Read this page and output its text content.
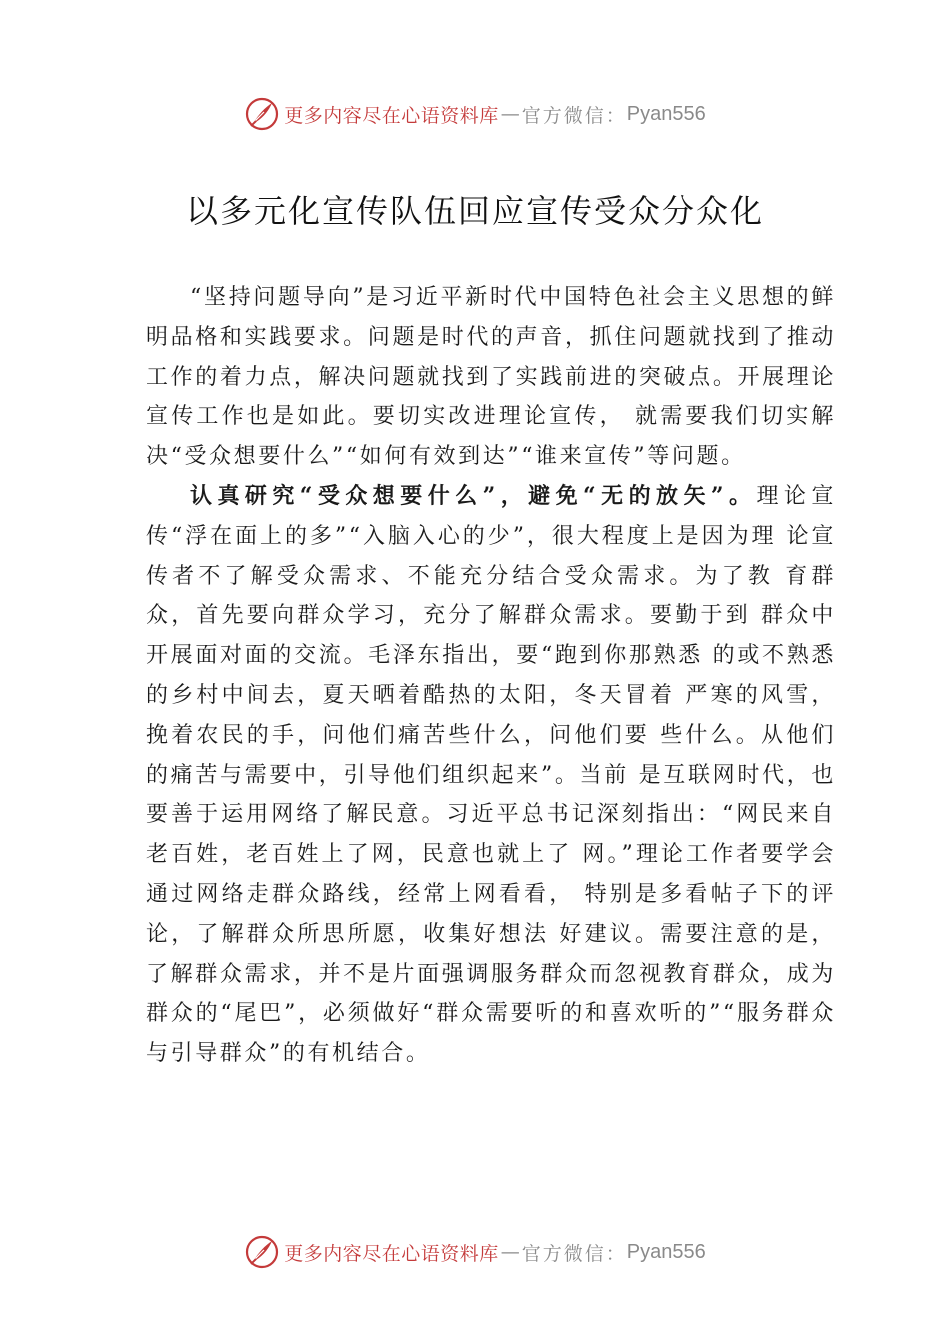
更多内容尽在心语资料库 — 官方微信： Pyan556
以多元化宣传队伍回应宣传受众分众化

“坚持问题导向”是习近平新时代中国特色社会主义思想的鲜明品格和实践要求。问题是时代的声音，抓住问题就找到了推动工作的着力点，解决问题就找到了实践前进的突破点。开展理论宣传工作也是如此。要切实改进理论宣传， 就需要我们切实解决“受众想要什么”“如何有效到达”“谁来宣传”等问题。

认真研究“受众想要什么”，避免“无的放矢”。理论宣 传“浮在面上的多”“入脑入心的少”，很大程度上是因为理 论宣传者不了解受众需求、不能充分结合受众需求。为了教 育群众，首先要向群众学习，充分了解群众需求。要勤于到 群众中开展面对面的交流。毛泽东指出，要“跑到你那熟悉 的或不熟悉的乡村中间去，夏天晒着酷热的太阳，冬天冒着 严寒的风雪，挽着农民的手，问他们痛苦些什么，问他们要 些什么。从他们的痛苦与需要中，引导他们组织起来”。当前 是互联网时代，也要善于运用网络了解民意。习近平总书记深刻指出：“网民来自老百姓，老百姓上了网，民意也就上了 网。”理论工作者要学会通过网络走群众路线，经常上网看看， 特别是多看帖子下的评论，了解群众所思所愿，收集好想法 好建议。需要注意的是，了解群众需求，并不是片面强调服务群众而忽视教育群众，成为群众的“尾巴”，必须做好“群众需要听的和喜欢听的”“服务群众与引导群众”的有机结合。

更多内容尽在心语资料库 — 官方微信： Pyan556
